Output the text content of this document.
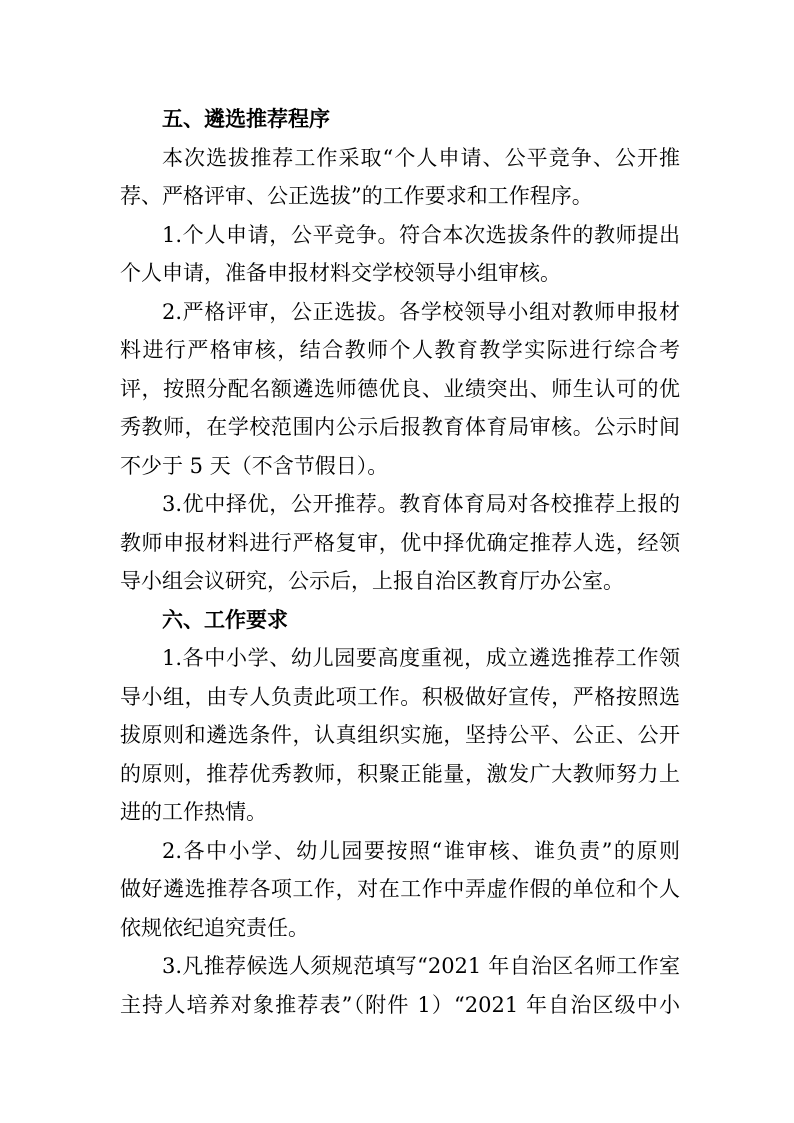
五、遴选推荐程序
本次选拔推荐工作采取“个人申请、公平竞争、公开推
荐、严格评审、公正选拔”的工作要求和工作程序。
1.个人申请，公平竞争。符合本次选拔条件的教师提出
个人申请，准备申报材料交学校领导小组审核。
2.严格评审，公正选拔。各学校领导小组对教师申报材
料进行严格审核，结合教师个人教育教学实际进行综合考
评，按照分配名额遴选师德优良、业绩突出、师生认可的优
秀教师，在学校范围内公示后报教育体育局审核。公示时间
不少于 5 天（不含节假日）。
3.优中择优，公开推荐。教育体育局对各校推荐上报的
教师申报材料进行严格复审，优中择优确定推荐人选，经领
导小组会议研究，公示后，上报自治区教育厅办公室。
六、工作要求
1.各中小学、幼儿园要高度重视，成立遴选推荐工作领
导小组，由专人负责此项工作。积极做好宣传，严格按照选
拔原则和遴选条件，认真组织实施，坚持公平、公正、公开
的原则，推荐优秀教师，积聚正能量，激发广大教师努力上
进的工作热情。
2.各中小学、幼儿园要按照“谁审核、谁负责”的原则
做好遴选推荐各项工作，对在工作中弄虚作假的单位和个人
依规依纪追究责任。
3.凡推荐候选人须规范填写“2021 年自治区名师工作室
主持人培养对象推荐表”（附件 1）“2021 年自治区级中小
